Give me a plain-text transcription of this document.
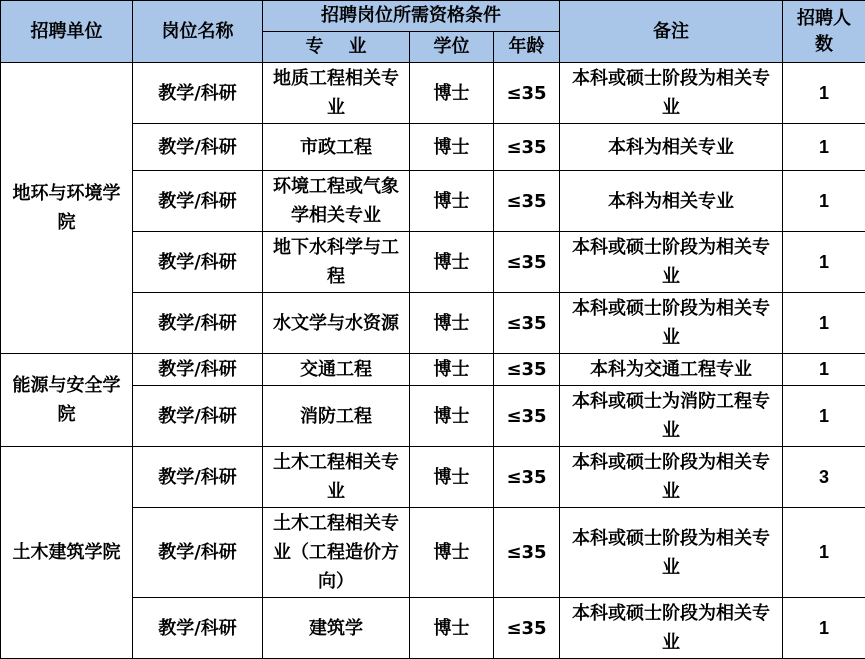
招聘单位	岗位名称	招聘岗位所需资格条件			备注	招聘人数
		专    业	学位	年龄		
地环与环境学院	教学/科研	地质工程相关专业	博士	≤35	本科或硕士阶段为相关专业	1
	教学/科研	市政工程	博士	≤35	本科为相关专业	1
	教学/科研	环境工程或气象学相关专业	博士	≤35	本科为相关专业	1
	教学/科研	地下水科学与工程	博士	≤35	本科或硕士阶段为相关专业	1
	教学/科研	水文学与水资源	博士	≤35	本科或硕士阶段为相关专业	1
能源与安全学院	教学/科研	交通工程	博士	≤35	本科为交通工程专业	1
	教学/科研	消防工程	博士	≤35	本科或硕士为消防工程专业	1
土木建筑学院	教学/科研	土木工程相关专业	博士	≤35	本科或硕士阶段为相关专业	3
	教学/科研	土木工程相关专业（工程造价方向）	博士	≤35	本科或硕士阶段为相关专业	1
	教学/科研	建筑学	博士	≤35	本科或硕士阶段为相关专业	1
